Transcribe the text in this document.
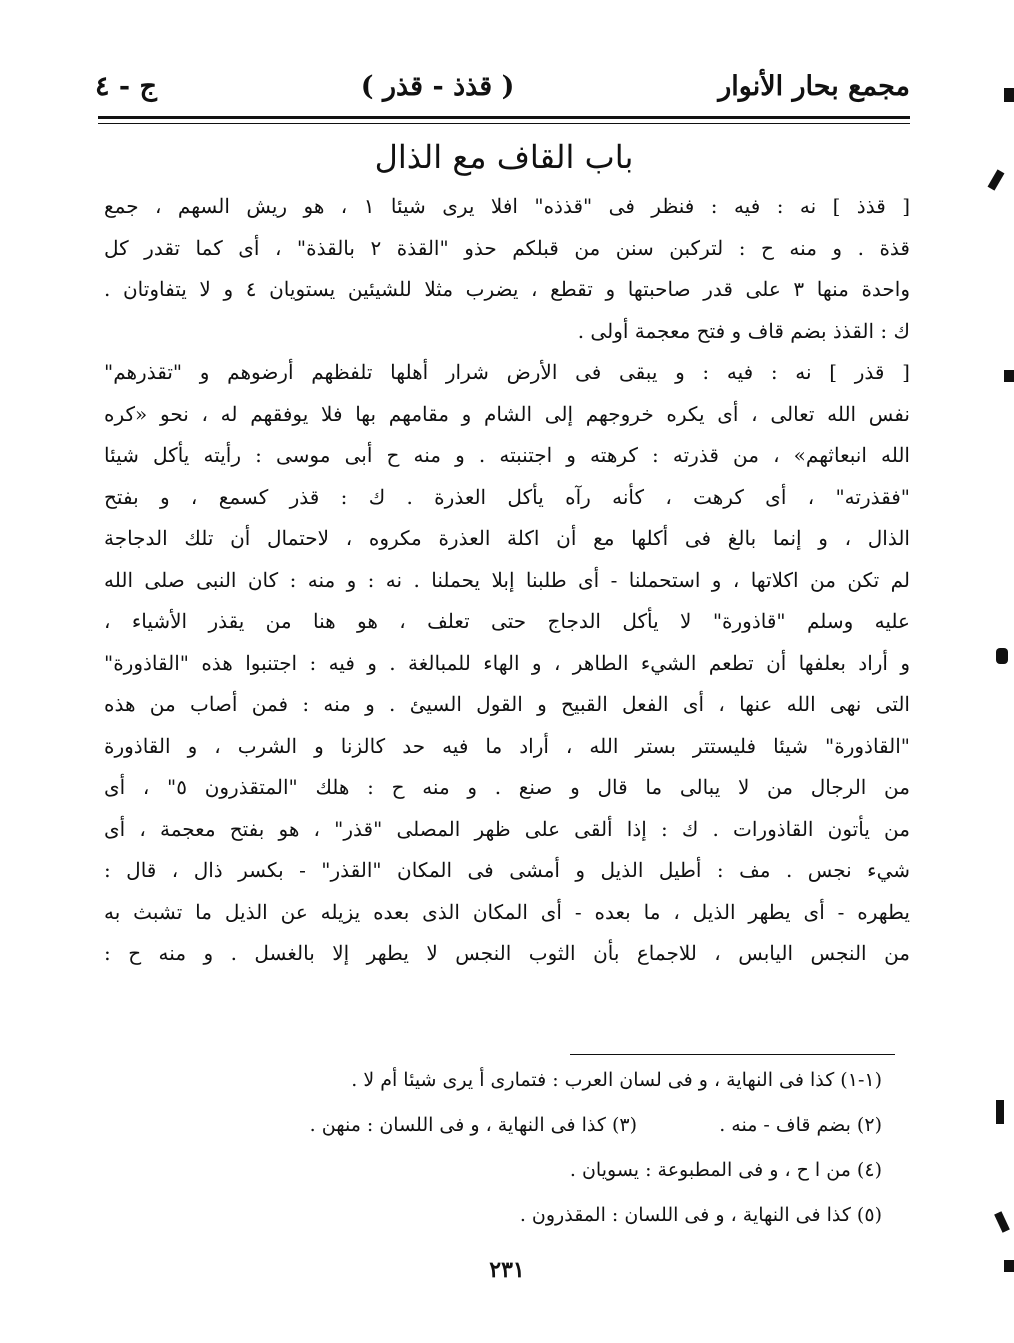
مجمع بحار الأنوار
( قذذ - قذر )
ج - ٤
باب القاف مع الذال
[ قذذ ] نه : فيه : فنظر فى "قذذه" افلا يرى شيئا ١ ، هو ريش السهم ، جمع
قذة . و منه ح : لتركبن سنن من قبلكم حذو "القذة ٢ بالقذة" ، أى كما تقدر كل
واحدة منها ٣ على قدر صاحبتها و تقطع ، يضرب مثلا للشيئين يستويان ٤ و لا يتفاوتان .
ك : القذذ بضم قاف و فتح معجمة أولى .
[ قذر ] نه : فيه : و يبقى فى الأرض شرار أهلها تلفظهم أرضوهم و "تقذرهم"
نفس الله تعالى ، أى يكره خروجهم إلى الشام و مقامهم بها فلا يوفقهم له ، نحو «كره
الله انبعاثهم» ، من قذرته : كرهته و اجتنبته . و منه ح أبى موسى : رأيته يأكل شيئا
"فقذرته" ، أى كرهت ، كأنه رآه يأكل العذرة . ك : قذر كسمع ، و بفتح
الذال ، و إنما بالغ فى أكلها مع أن اكلة العذرة مكروه ، لاحتمال أن تلك الدجاجة
لم تكن من اكلاتها ، و استحملنا - أى طلبنا إبلا يحملنا . نه : و منه : كان النبى صلى الله
عليه وسلم "قاذورة" لا يأكل الدجاج حتى تعلف ، هو هنا من يقذر الأشياء ،
و أراد بعلفها أن تطعم الشيء الطاهر ، و الهاء للمبالغة . و فيه : اجتنبوا هذه "القاذورة"
التى نهى الله عنها ، أى الفعل القبيح و القول السيئ . و منه : فمن أصاب من هذه
"القاذورة" شيئا فليستتر بستر الله ، أراد ما فيه حد كالزنا و الشرب ، و القاذورة
من الرجال من لا يبالى ما قال و صنع . و منه ح : هلك "المتقذرون ٥" ، أى
من يأتون القاذورات . ك : إذا ألقى على ظهر المصلى "قذر" ، هو بفتح معجمة ، أى
شيء نجس . مف : أطيل الذيل و أمشى فى المكان "القذر" - بكسر ذال ، قال :
يطهره - أى يطهر الذيل ، ما بعده - أى المكان الذى بعده يزيله عن الذيل ما تشبث به
من النجس اليابس ، للاجماع بأن الثوب النجس لا يطهر إلا بالغسل . و منه ح :
(١-١) كذا فى النهاية ، و فى لسان العرب : فتمارى أ يرى شيئا أم لا .
(٢) بضم قاف - منه .
(٣) كذا فى النهاية ، و فى اللسان : منهن .
(٤) من ا ح ، و فى المطبوعة : يسويان .
(٥) كذا فى النهاية ، و فى اللسان : المقذرون .
٢٣١
